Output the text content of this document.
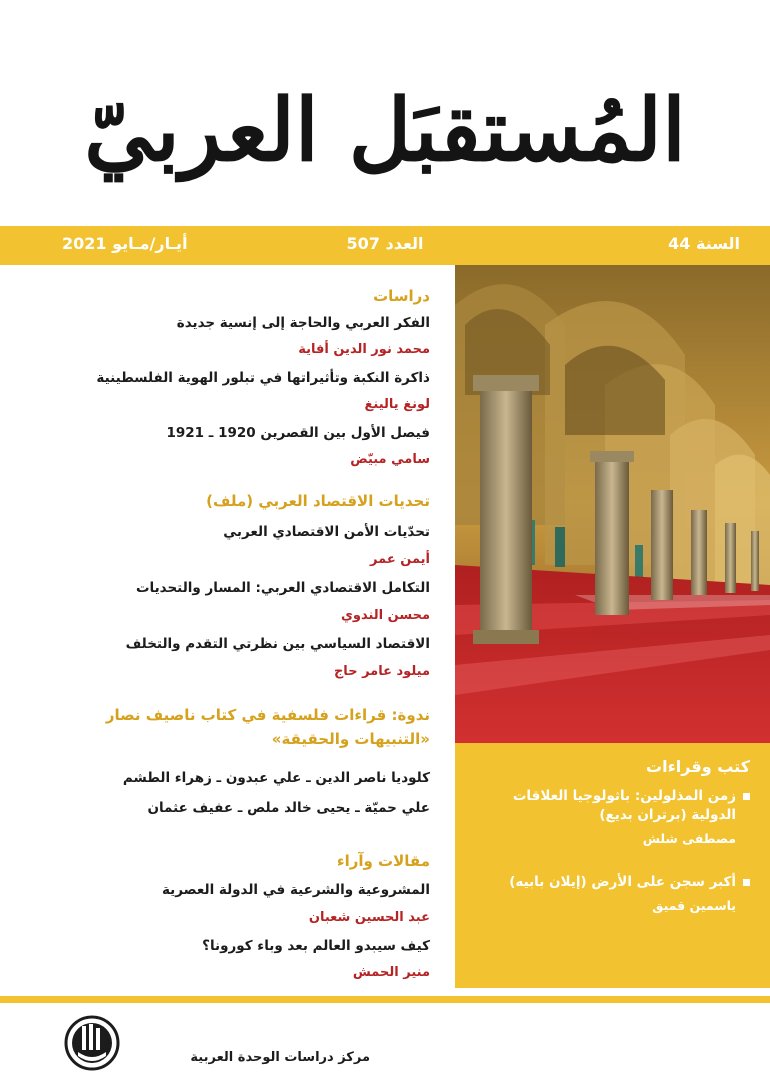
المُستقبَل العربيّ
السنة 44
العدد 507
أيـار/مـايو 2021
كتب وقراءات
زمن المذلولين: باثولوجيا العلاقات الدولية (برتران بديع)
مصطفى شلش
أكبر سجن على الأرض (إيلان بابيه)
ياسمين قميق
دراسات
الفكر العربي والحاجة إلى إنسية جديدة
محمد نور الدين أفاية
ذاكرة النكبة وتأثيراتها في تبلور الهوية الفلسطينية
لونغ يالينغ
فيصل الأول بين القصرين 1920 ـ 1921
سامي مبيّض
تحديات الاقتصاد العربي (ملف)
تحدّيات الأمن الاقتصادي العربي
أيمن عمر
التكامل الاقتصادي العربي: المسار والتحديات
محسن الندوي
الاقتصاد السياسي بين نظرتي التقدم والتخلف
ميلود عامر حاج
ندوة: قراءات فلسفية في كتاب ناصيف نصار
«التنبيهات والحقيقة»
كلوديا ناصر الدين ـ علي عبدون ـ زهراء الطشم
علي حميّة ـ يحيى خالد ملص ـ عفيف عثمان
مقالات وآراء
المشروعية والشرعية في الدولة العصرية
عبد الحسين شعبان
كيف سيبدو العالم بعد وباء كورونا؟
منير الحمش
مركز دراسات الوحدة العربية
